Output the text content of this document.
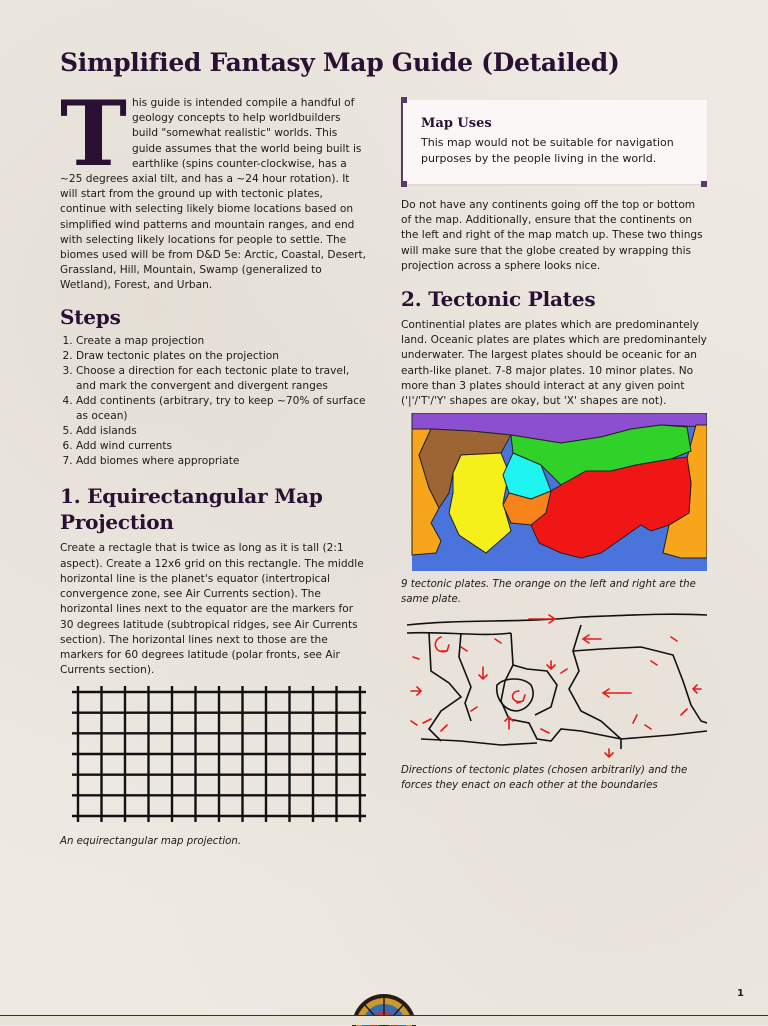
Simplified Fantasy Map Guide (Detailed)
T his guide is intended compile a handful of geology concepts to help worldbuilders build "somewhat realistic" worlds. This guide assumes that the world being built is earthlike (spins counter-clockwise, has a ~25 degrees axial tilt, and has a ~24 hour rotation). It will start from the ground up with tectonic plates, continue with selecting likely biome locations based on simplified wind patterns and mountain ranges, and end with selecting likely locations for people to settle. The biomes used will be from D&D 5e: Arctic, Coastal, Desert, Grassland, Hill, Mountain, Swamp (generalized to Wetland), Forest, and Urban.

Steps
1. Create a map projection
2. Draw tectonic plates on the projection
3. Choose a direction for each tectonic plate to travel, and mark the convergent and divergent ranges
4. Add continents (arbitrary, try to keep ~70% of surface as ocean)
5. Add islands
6. Add wind currents
7. Add biomes where appropriate
1. Equirectangular Map Projection

Create a rectagle that is twice as long as it is tall (2:1 aspect). Create a 12x6 grid on this rectangle. The middle horizontal line is the planet's equator (intertropical convergence zone, see Air Currents section). The horizontal lines next to the equator are the markers for 30 degrees latitude (subtropical ridges, see Air Currents section). The horizontal lines next to those are the markers for 60 degrees latitude (polar fronts, see Air Currents section).

An equirectangular map projection.

Map Uses

This map would not be suitable for navigation purposes by the people living in the world.

Do not have any continents going off the top or bottom of the map. Additionally, ensure that the continents on the left and right of the map match up. These two things will make sure that the globe created by wrapping this projection across a sphere looks nice.

2. Tectonic Plates

Continential plates are plates which are predominantely land. Oceanic plates are plates which are predominantely underwater. The largest plates should be oceanic for an earth-like planet. 7-8 major plates. 10 minor plates. No more than 3 plates should interact at any given point ('|'/'T'/'Y' shapes are okay, but 'X' shapes are not).

9 tectonic plates. The orange on the left and right are the same plate.

Directions of tectonic plates (chosen arbitrarily) and the forces they enact on each other at the boundaries

1
